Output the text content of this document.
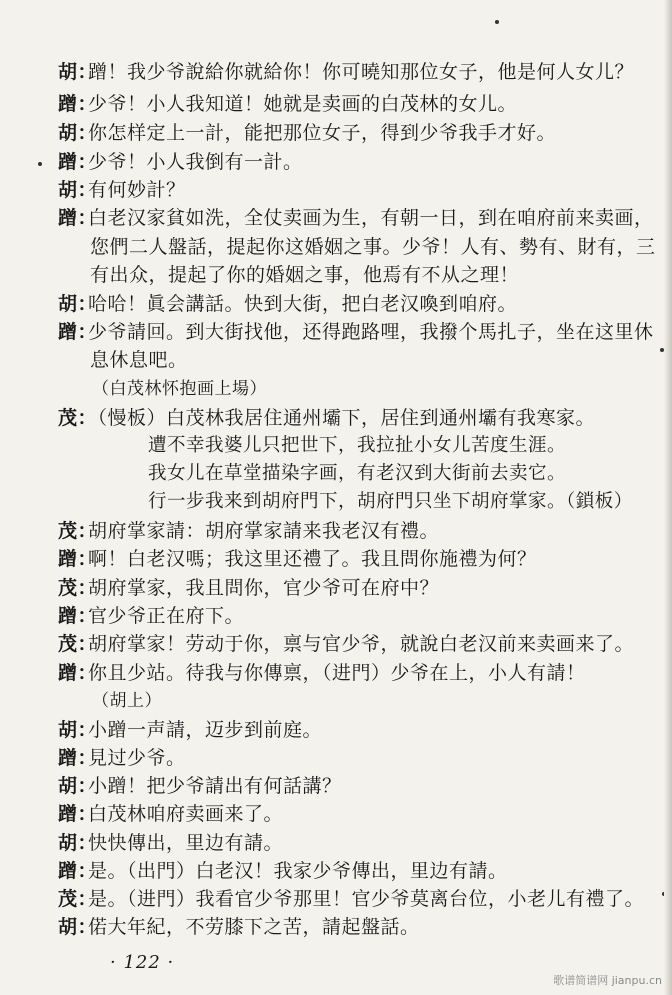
胡：蹭！我少爷說給你就給你！你可曉知那位女子，他是何人女儿？
蹭：少爷！小人我知道！她就是卖画的白茂林的女儿。
胡：你怎样定上一計，能把那位女子，得到少爷我手才好。
蹭：少爷！小人我倒有一計。
胡：有何妙計？
蹭：白老汉家貧如洗，全仗卖画为生，有朝一日，到在咱府前来卖画，
您們二人盤話，提起你这婚姻之事。少爷！人有、勢有、財有，三
有出众，提起了你的婚姻之事，他焉有不从之理！
胡：哈哈！眞会講話。快到大街，把白老汉喚到咱府。
蹭：少爷請回。到大街找他，还得跑路哩，我撥个馬扎子，坐在这里休
息休息吧。
（白茂林怀抱画上場）
茂：（慢板）白茂林我居住通州壩下，居住到通州壩有我寒家。
遭不幸我婆儿只把世下，我拉扯小女儿苦度生涯。
我女儿在草堂描染字画，有老汉到大街前去卖它。
行一步我来到胡府門下，胡府門只坐下胡府掌家。（鎖板）
茂：胡府掌家請：胡府掌家請来我老汉有禮。
蹭：啊！白老汉嗎；我这里还禮了。我且問你施禮为何？
茂：胡府掌家，我且問你，官少爷可在府中？
蹭：官少爷正在府下。
茂：胡府掌家！劳动于你，禀与官少爷，就說白老汉前来卖画来了。
蹭：你且少站。待我与你傳禀，（进門）少爷在上，小人有請！
（胡上）
胡：小蹭一声請，迈步到前庭。
蹭：見过少爷。
胡：小蹭！把少爷請出有何話講？
蹭：白茂林咱府卖画来了。
胡：快快傳出，里边有請。
蹭：是。（出門）白老汉！我家少爷傳出，里边有請。
茂：是。（进門）我看官少爷那里！官少爷莫离台位，小老儿有禮了。
胡：偌大年紀，不劳膝下之苦，請起盤話。
· 122 ·
歌谱简谱网 jianpu.cn
